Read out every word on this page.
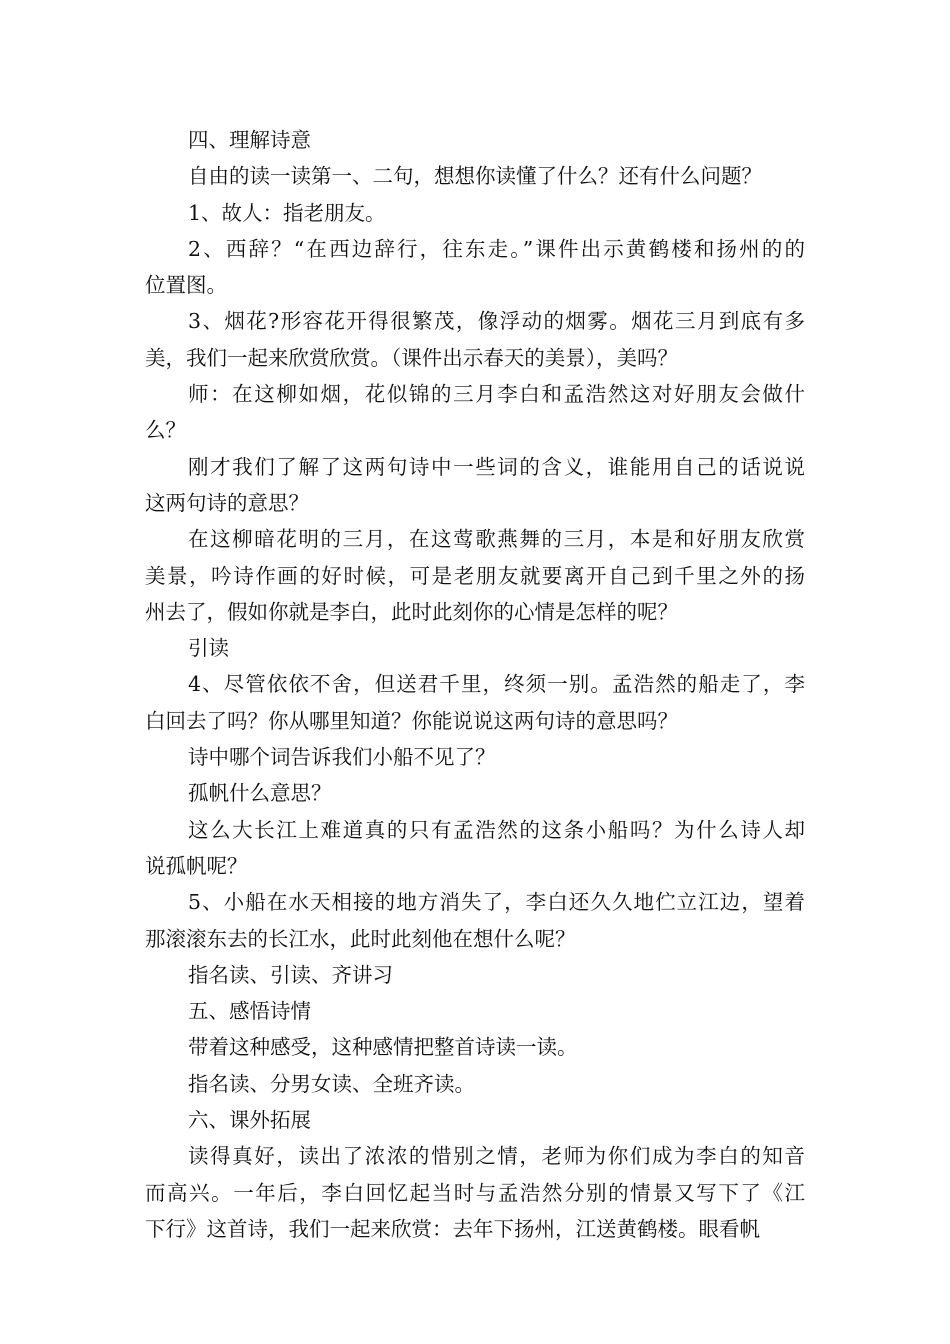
四、理解诗意
自由的读一读第一、二句，想想你读懂了什么？还有什么问题？
1、故人：指老朋友。
2、西辞？“在西边辞行，往东走。”课件出示黄鹤楼和扬州的的
位置图。
3、烟花?形容花开得很繁茂，像浮动的烟雾。烟花三月到底有多
美，我们一起来欣赏欣赏。（课件出示春天的美景），美吗？
师：在这柳如烟，花似锦的三月李白和孟浩然这对好朋友会做什
么？
刚才我们了解了这两句诗中一些词的含义，谁能用自己的话说说
这两句诗的意思？
在这柳暗花明的三月，在这莺歌燕舞的三月，本是和好朋友欣赏
美景，吟诗作画的好时候，可是老朋友就要离开自己到千里之外的扬
州去了，假如你就是李白，此时此刻你的心情是怎样的呢？
引读
4、尽管依依不舍，但送君千里，终须一别。孟浩然的船走了，李
白回去了吗？你从哪里知道？你能说说这两句诗的意思吗？
诗中哪个词告诉我们小船不见了？
孤帆什么意思？
这么大长江上难道真的只有孟浩然的这条小船吗？为什么诗人却
说孤帆呢？
5、小船在水天相接的地方消失了，李白还久久地伫立江边，望着
那滚滚东去的长江水，此时此刻他在想什么呢？
指名读、引读、齐讲习
五、感悟诗情
带着这种感受，这种感情把整首诗读一读。
指名读、分男女读、全班齐读。
六、课外拓展
读得真好，读出了浓浓的惜别之情，老师为你们成为李白的知音
而高兴。一年后，李白回忆起当时与孟浩然分别的情景又写下了《江
下行》这首诗，我们一起来欣赏：去年下扬州，江送黄鹤楼。眼看帆
